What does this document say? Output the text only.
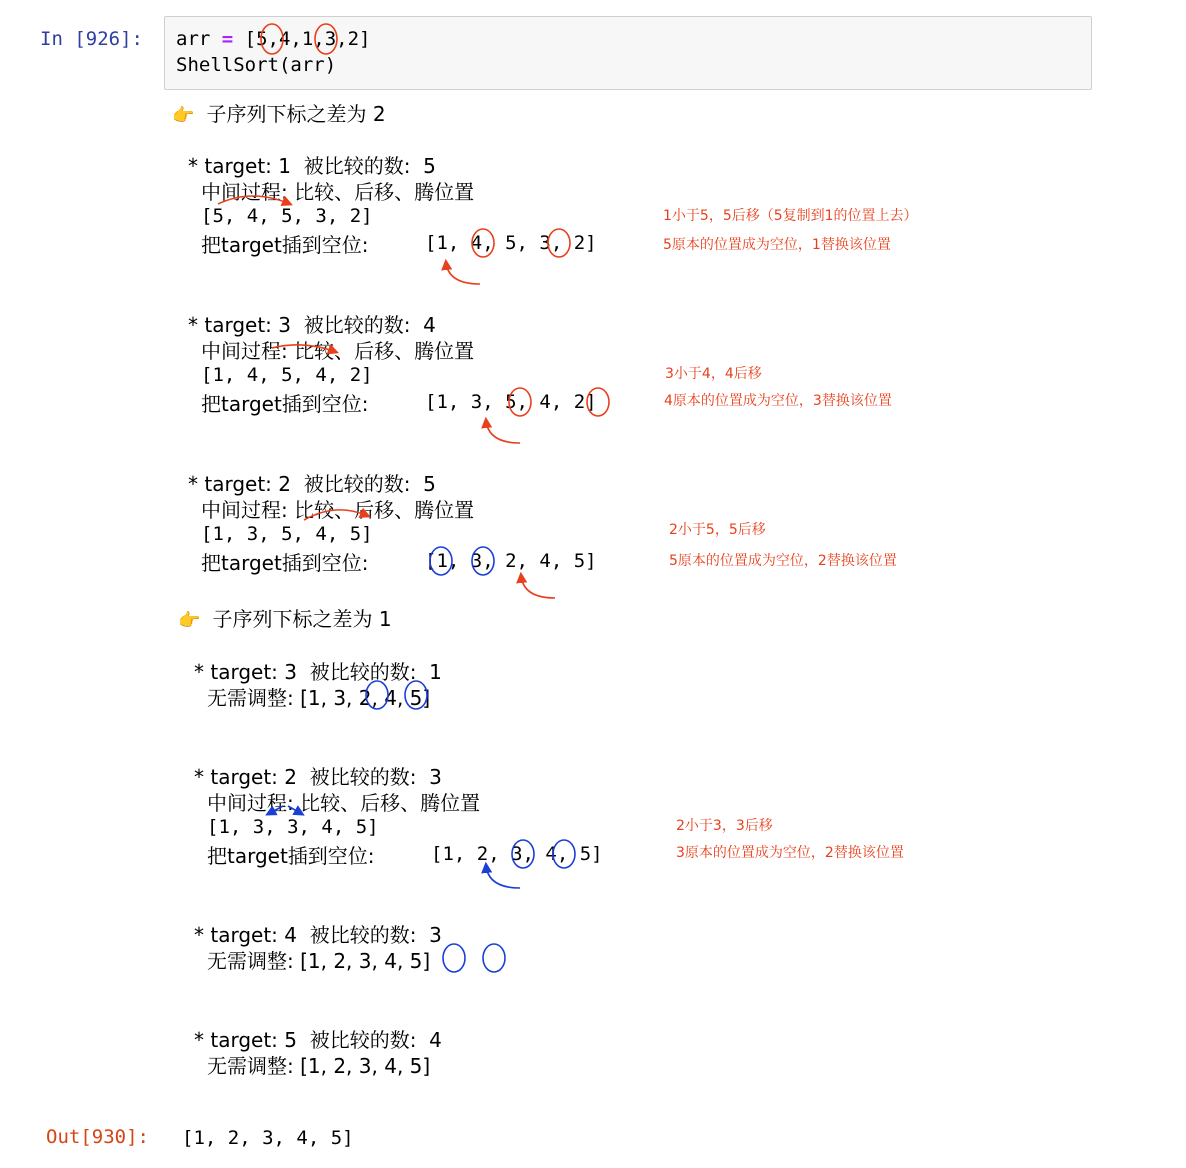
In [926]: arr = [5,4,1,3,2]
ShellSort(arr)
👉 子序列下标之差为 2
* target: 1  被比较的数:  5
中间过程: 比较、后移、腾位置
[5, 4, 5, 3, 2]
把target插到空位:	[1, 4, 5, 3, 2]
1小于5，5后移（5复制到1的位置上去）
5原本的位置成为空位，1替换该位置
* target: 3  被比较的数:  4
中间过程: 比较、后移、腾位置
[1, 4, 5, 4, 2]
把target插到空位:	[1, 3, 5, 4, 2]
3小于4，4后移
4原本的位置成为空位，3替换该位置
* target: 2  被比较的数:  5
中间过程: 比较、后移、腾位置
[1, 3, 5, 4, 5]
把target插到空位:	[1, 3, 2, 4, 5]
2小于5，5后移
5原本的位置成为空位，2替换该位置
👉 子序列下标之差为 1
* target: 3  被比较的数:  1
无需调整: [1, 3, 2, 4, 5]
* target: 2  被比较的数:  3
中间过程: 比较、后移、腾位置
[1, 3, 3, 4, 5]
把target插到空位:	[1, 2, 3, 4, 5]
2小于3，3后移
3原本的位置成为空位，2替换该位置
* target: 4  被比较的数:  3
无需调整: [1, 2, 3, 4, 5]
* target: 5  被比较的数:  4
无需调整: [1, 2, 3, 4, 5]
Out[930]: [1, 2, 3, 4, 5]
